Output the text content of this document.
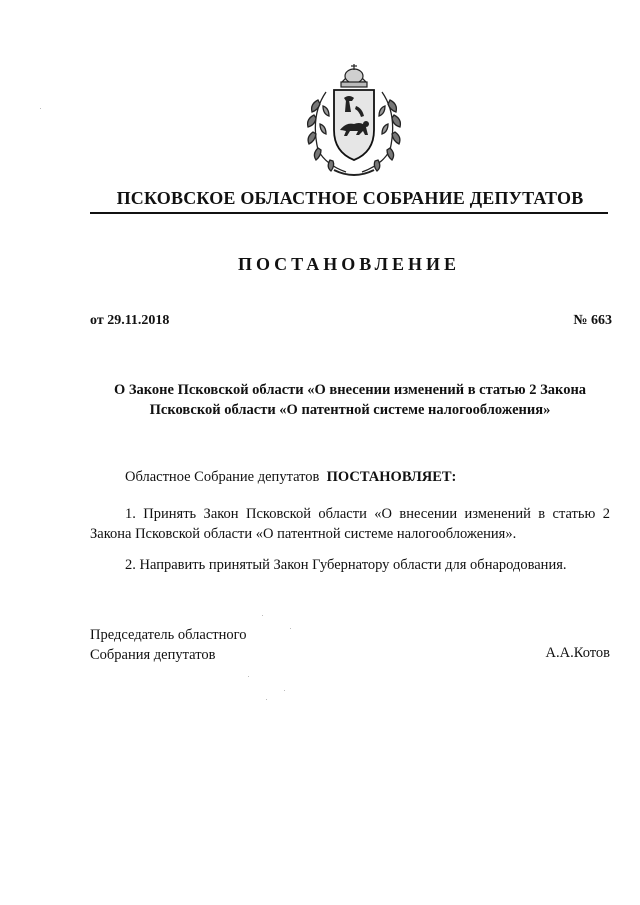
ПСКОВСКОЕ ОБЛАСТНОЕ СОБРАНИЕ ДЕПУТАТОВ
ПОСТАНОВЛЕНИЕ
от 29.11.2018	№ 663
О Законе Псковской области «О внесении изменений в статью 2 Закона
Псковской области «О патентной системе налогообложения»
Областное Собрание депутатов ПОСТАНОВЛЯЕТ:
1. Принять Закон Псковской области «О внесении изменений в статью 2 Закона Псковской области «О патентной системе налогообложения».
2. Направить принятый Закон Губернатору области для обнародования.
Председатель областного
Собрания депутатов	А.А.Котов
